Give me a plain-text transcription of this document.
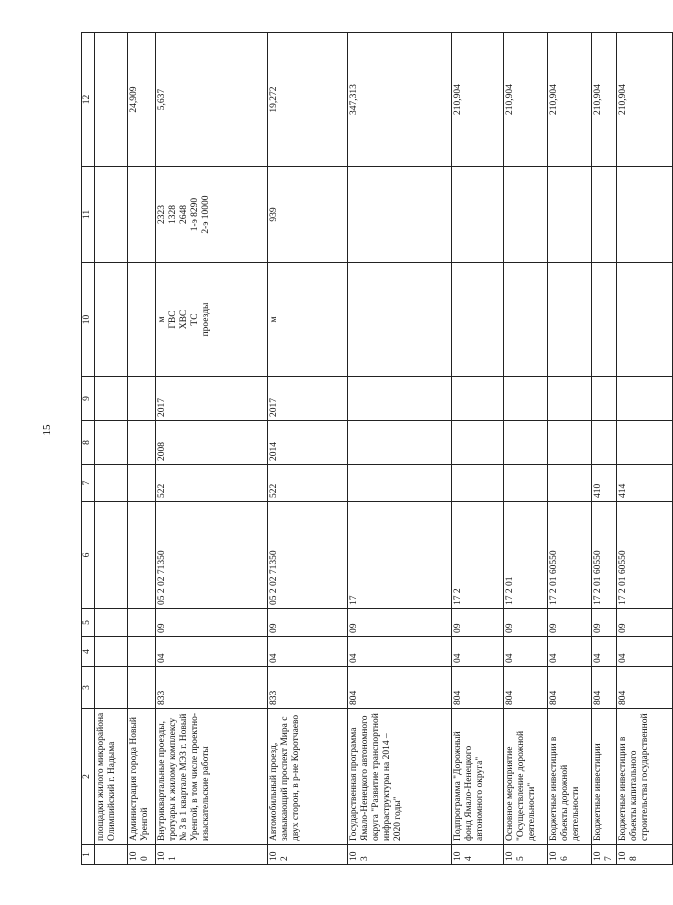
15
1	2	3	4	5	6	7	8	9	10	11	12
	площадки жилого микрорайона Олимпийский г. Надыма										
100	Администрация города Новый Уренгой										24,909
101	Внутриквартальные проезды, тротуары к жилому комплексу № 3 в 1 квартале МЭЗ г. Новый Уренгой, в том числе проектно-изыскательские работы	833	04	09	05 2 02 71350	522	2008	2017	м
ГВС
ХВС
ТС
проезды	2323
1328
2648
1-э 8290
2-э 10000	5,637
102	Автомобильный проезд, замыкающий проспект Мира с двух сторон, в р-не Коротчаево	833	04	09	05 2 02 71350	522	2014	2017	м	939	19,272
103	Государственная программа Ямало-Ненецкого автономного округа "Развитие транспортной инфраструктуры на 2014 – 2020 годы"	804	04	09	17						347,313
104	Подпрограмма "Дорожный фонд Ямало-Ненецкого автономного округа"	804	04	09	17 2						210,904
105	Основное мероприятие "Осуществление дорожной деятельности"	804	04	09	17 2 01						210,904
106	Бюджетные инвестиции в объекты дорожной деятельности	804	04	09	17 2 01 60550						210,904
107	Бюджетные инвестиции	804	04	09	17 2 01 60550	410					210,904
108	Бюджетные инвестиции в объекты капитального строительства государственной	804	04	09	17 2 01 60550	414					210,904
